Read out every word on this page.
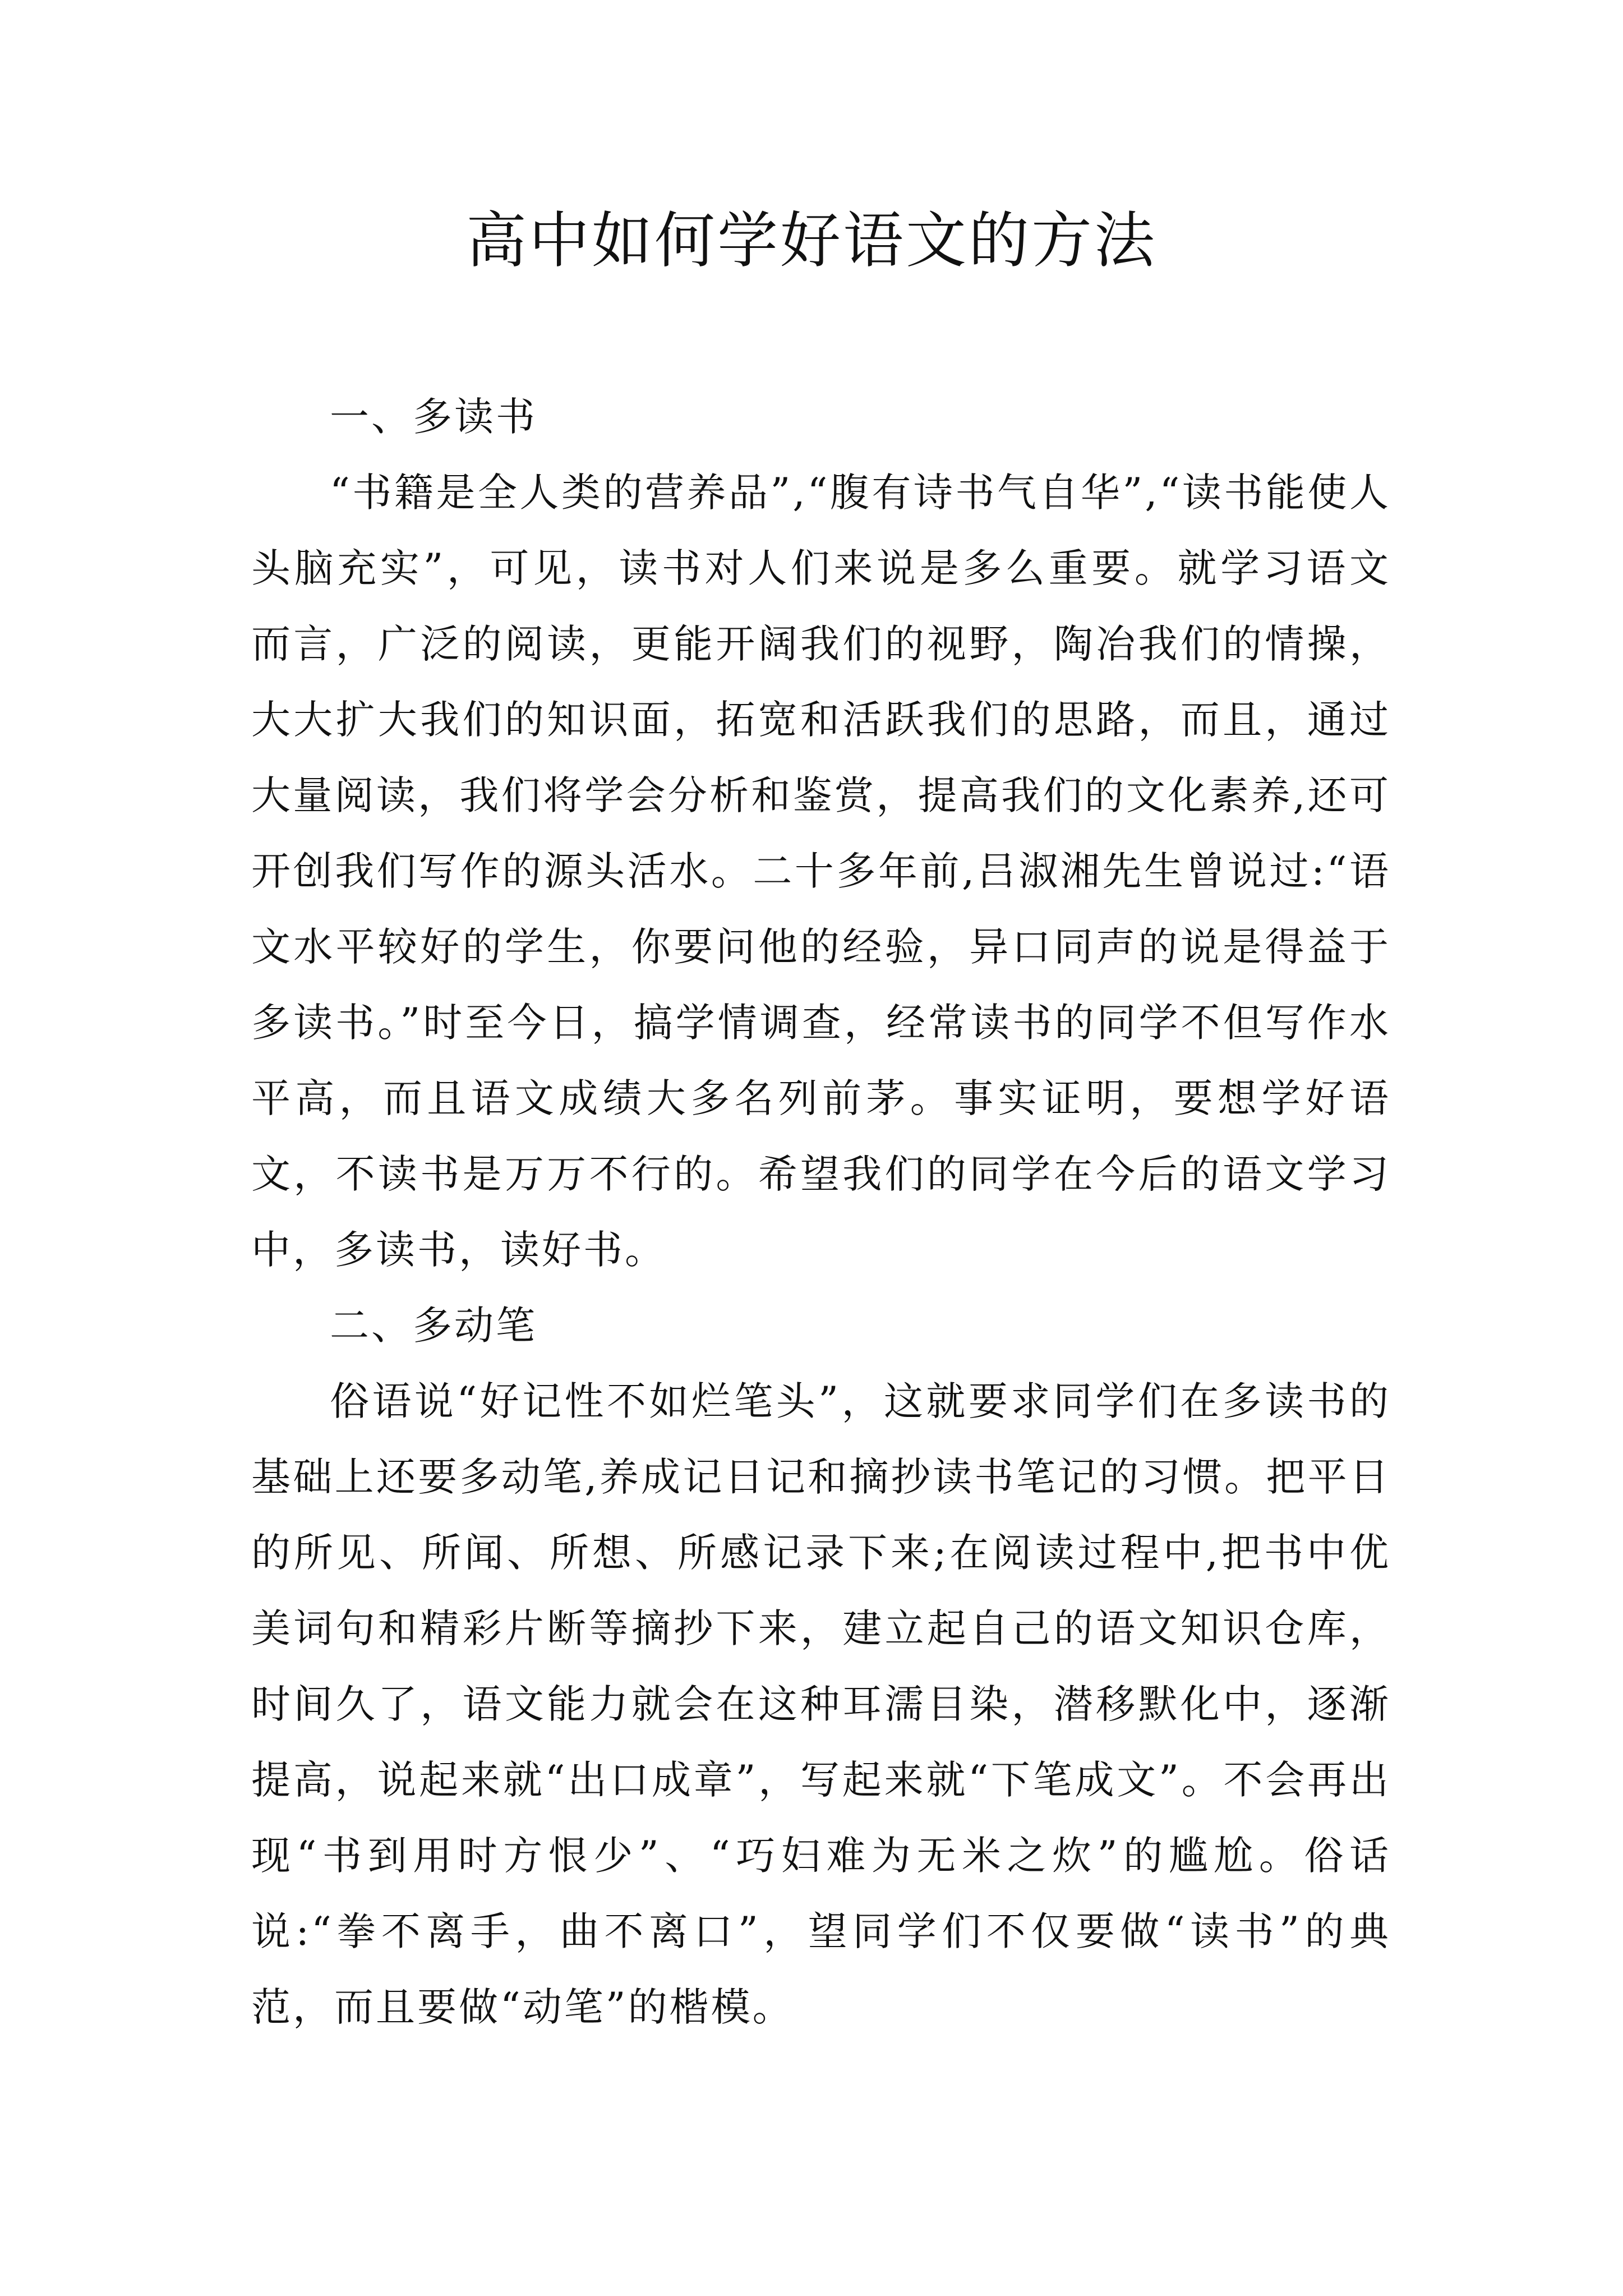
高中如何学好语文的方法

一、多读书

“书籍是全人类的营养品”,“腹有诗书气自华”,“读书能使人头脑充实”，可见，读书对人们来说是多么重要。就学习语文而言，广泛的阅读，更能开阔我们的视野，陶冶我们的情操，大大扩大我们的知识面，拓宽和活跃我们的思路，而且，通过大量阅读，我们将学会分析和鉴赏，提高我们的文化素养,还可开创我们写作的源头活水。二十多年前,吕淑湘先生曾说过:“语文水平较好的学生，你要问他的经验，异口同声的说是得益于多读书。”时至今日，搞学情调查，经常读书的同学不但写作水平高，而且语文成绩大多名列前茅。事实证明，要想学好语文，不读书是万万不行的。希望我们的同学在今后的语文学习中，多读书，读好书。

二、多动笔

俗语说“好记性不如烂笔头”，这就要求同学们在多读书的基础上还要多动笔,养成记日记和摘抄读书笔记的习惯。把平日的所见、所闻、所想、所感记录下来;在阅读过程中,把书中优美词句和精彩片断等摘抄下来，建立起自己的语文知识仓库，时间久了，语文能力就会在这种耳濡目染，潜移默化中，逐渐提高，说起来就“出口成章”，写起来就“下笔成文”。不会再出现“书到用时方恨少”、“巧妇难为无米之炊”的尴尬。俗话说:“拳不离手，曲不离口”，望同学们不仅要做“读书”的典范，而且要做“动笔”的楷模。
